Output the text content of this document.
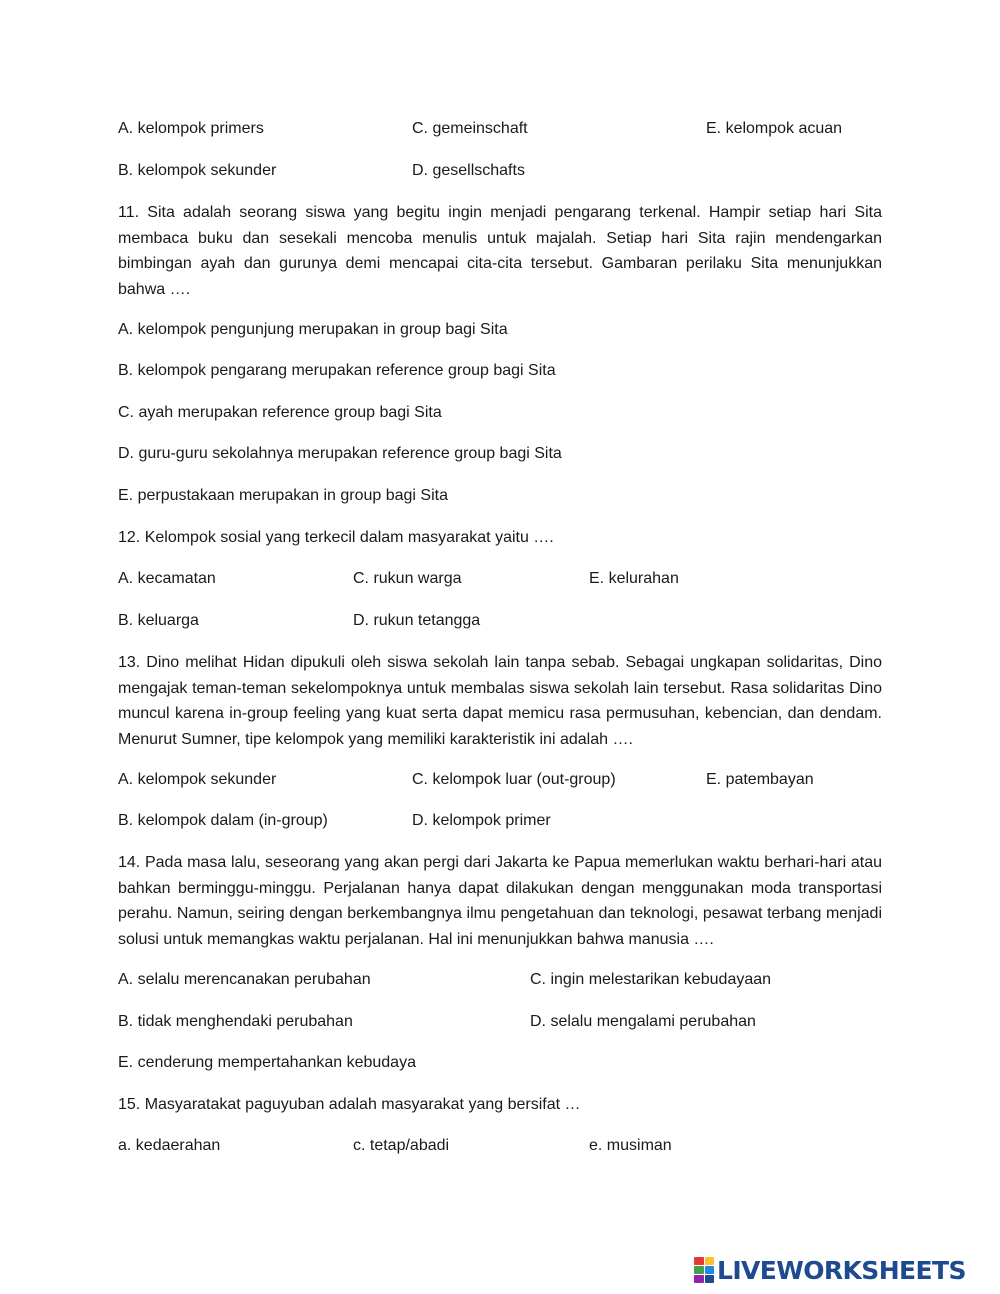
A. kelompok primers	C. gemeinschaft	E. kelompok acuan
B. kelompok sekunder	D. gesellschafts
11. Sita adalah seorang siswa yang begitu ingin menjadi pengarang terkenal. Hampir setiap hari Sita membaca buku dan sesekali mencoba menulis untuk majalah. Setiap hari Sita rajin mendengarkan bimbingan ayah dan gurunya demi mencapai cita-cita tersebut. Gambaran perilaku Sita menunjukkan bahwa ….
A. kelompok pengunjung merupakan in group bagi Sita
B. kelompok pengarang merupakan reference group bagi Sita
C. ayah merupakan reference group bagi Sita
D. guru-guru sekolahnya merupakan reference group bagi Sita
E. perpustakaan merupakan in group bagi Sita
12. Kelompok sosial yang terkecil dalam masyarakat yaitu ….
A. kecamatan	C. rukun warga	E. kelurahan
B. keluarga	D. rukun tetangga
13. Dino melihat Hidan dipukuli oleh siswa sekolah lain tanpa sebab. Sebagai ungkapan solidaritas, Dino mengajak teman-teman sekelompoknya untuk membalas siswa sekolah lain tersebut. Rasa solidaritas Dino muncul karena in-group feeling yang kuat serta dapat memicu rasa permusuhan, kebencian, dan dendam. Menurut Sumner, tipe kelompok yang memiliki karakteristik ini adalah ….
A. kelompok sekunder	C. kelompok luar (out-group)	E. patembayan
B. kelompok dalam (in-group)	D. kelompok primer
14. Pada masa lalu, seseorang yang akan pergi dari Jakarta ke Papua memerlukan waktu berhari-hari atau bahkan berminggu-minggu. Perjalanan hanya dapat dilakukan dengan menggunakan moda transportasi perahu. Namun, seiring dengan berkembangnya ilmu pengetahuan dan teknologi, pesawat terbang menjadi solusi untuk memangkas waktu perjalanan. Hal ini menunjukkan bahwa manusia ….
A. selalu merencanakan perubahan	C. ingin melestarikan kebudayaan
B. tidak menghendaki perubahan	D. selalu mengalami perubahan
E. cenderung mempertahankan kebudaya
15. Masyaratakat paguyuban adalah masyarakat yang bersifat …
a. kedaerahan	c. tetap/abadi	e. musiman
LIVEWORKSHEETS
